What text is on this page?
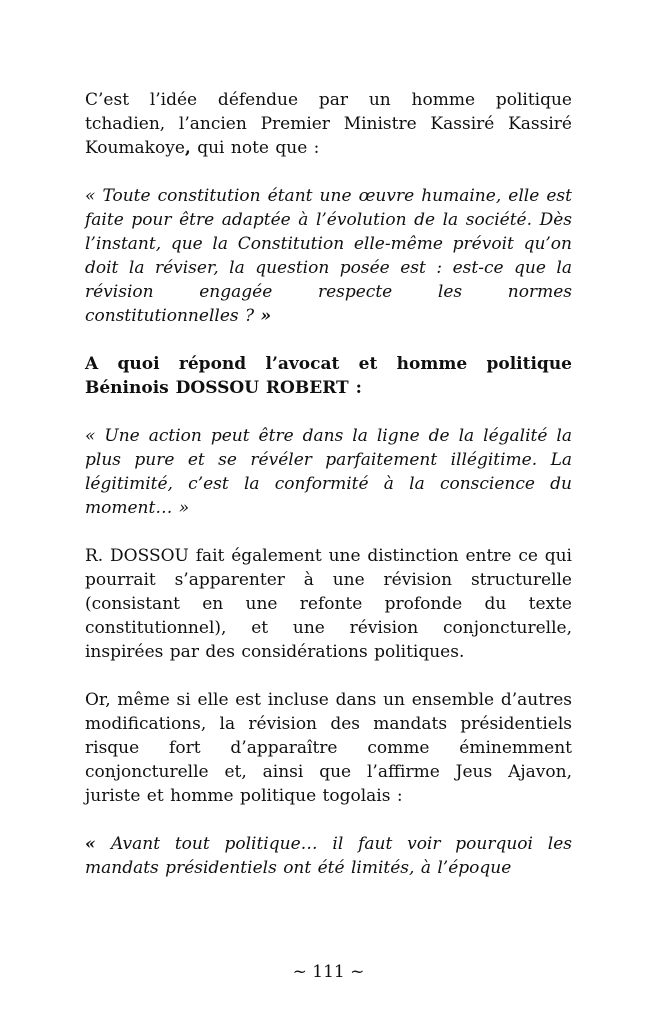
C’est l’idée défendue par un homme politique tchadien, l’ancien Premier Ministre Kassiré Kassiré Koumakoye, qui note que :

« Toute constitution étant une œuvre humaine, elle est faite pour être adaptée à l’évolution de la société. Dès l’instant, que la Constitution elle-même prévoit qu’on doit la réviser, la question posée est : est-ce que la révision engagée respecte les normes constitutionnelles ? »

A quoi répond l’avocat et homme politique Béninois DOSSOU ROBERT :

« Une action peut être dans la ligne de la légalité la plus pure et se révéler parfaitement illégitime. La légitimité, c’est la conformité à la conscience du moment… »

R. DOSSOU fait également une distinction entre ce qui pourrait s’apparenter à une révision structurelle (consistant en une refonte profonde du texte constitutionnel), et une révision conjoncturelle, inspirées par des considérations politiques.

Or, même si elle est incluse dans un ensemble d’autres modifications, la révision des mandats présidentiels risque fort d’apparaître comme éminemment conjoncturelle et, ainsi que l’affirme Jeus Ajavon, juriste et homme politique togolais :

« Avant tout politique… il faut voir pourquoi les mandats présidentiels ont été limités, à l’époque

~ 111 ~
